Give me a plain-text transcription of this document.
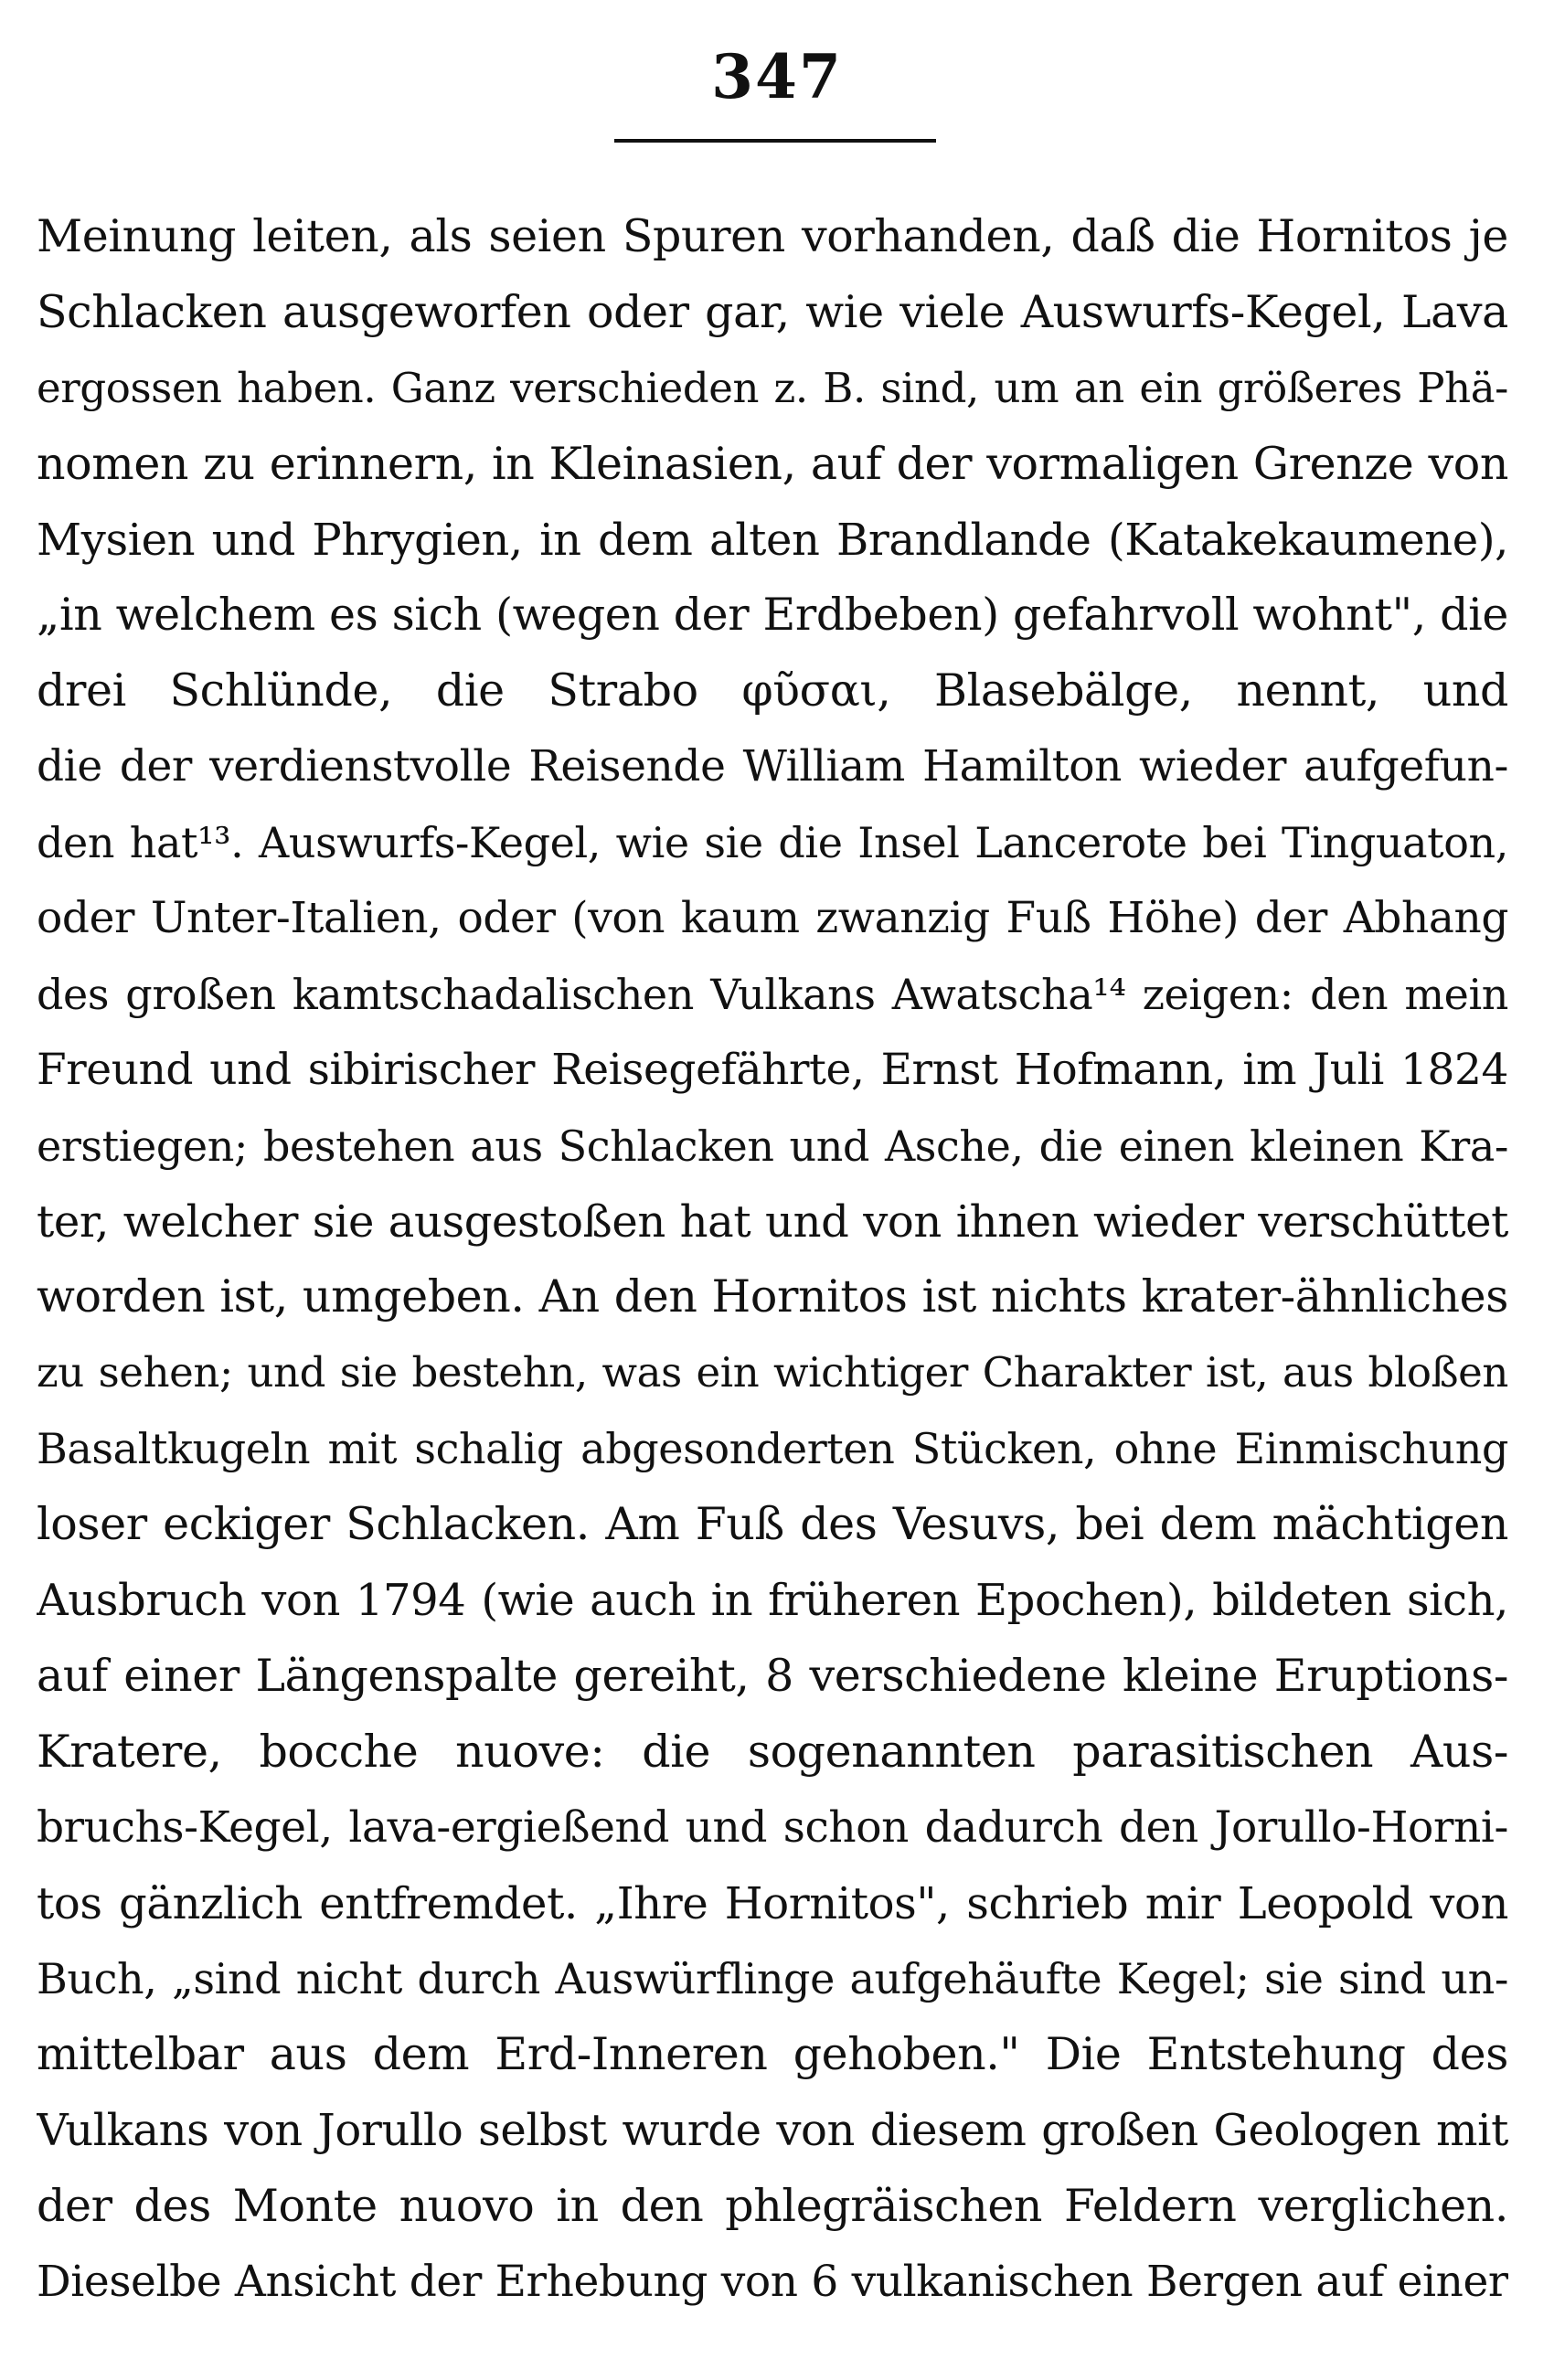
347
Meinung leiten, als seien Spuren vorhanden, daß die Hornitos je
Schlacken ausgeworfen oder gar, wie viele Auswurfs-Kegel, Lava
ergossen haben. Ganz verschieden z. B. sind, um an ein größeres Phä-
nomen zu erinnern, in Kleinasien, auf der vormaligen Grenze von
Mysien und Phrygien, in dem alten Brandlande (Katakekaumene),
„in welchem es sich (wegen der Erdbeben) gefahrvoll wohnt", die
drei Schlünde, die Strabo φῦσαι, Blasebälge, nennt, und
die der verdienstvolle Reisende William Hamilton wieder aufgefun-
den hat¹³. Auswurfs-Kegel, wie sie die Insel Lancerote bei Tinguaton,
oder Unter-Italien, oder (von kaum zwanzig Fuß Höhe) der Abhang
des großen kamtschadalischen Vulkans Awatscha¹⁴ zeigen: den mein
Freund und sibirischer Reisegefährte, Ernst Hofmann, im Juli 1824
erstiegen; bestehen aus Schlacken und Asche, die einen kleinen Kra-
ter, welcher sie ausgestoßen hat und von ihnen wieder verschüttet
worden ist, umgeben. An den Hornitos ist nichts krater-ähnliches
zu sehen; und sie bestehn, was ein wichtiger Charakter ist, aus bloßen
Basaltkugeln mit schalig abgesonderten Stücken, ohne Einmischung
loser eckiger Schlacken. Am Fuß des Vesuvs, bei dem mächtigen
Ausbruch von 1794 (wie auch in früheren Epochen), bildeten sich,
auf einer Längenspalte gereiht, 8 verschiedene kleine Eruptions-
Kratere, bocche nuove: die sogenannten parasitischen Aus-
bruchs-Kegel, lava-ergießend und schon dadurch den Jorullo-Horni-
tos gänzlich entfremdet. „Ihre Hornitos", schrieb mir Leopold von
Buch, „sind nicht durch Auswürflinge aufgehäufte Kegel; sie sind un-
mittelbar aus dem Erd-Inneren gehoben." Die Entstehung des
Vulkans von Jorullo selbst wurde von diesem großen Geologen mit
der des Monte nuovo in den phlegräischen Feldern verglichen.
Dieselbe Ansicht der Erhebung von 6 vulkanischen Bergen auf einer
